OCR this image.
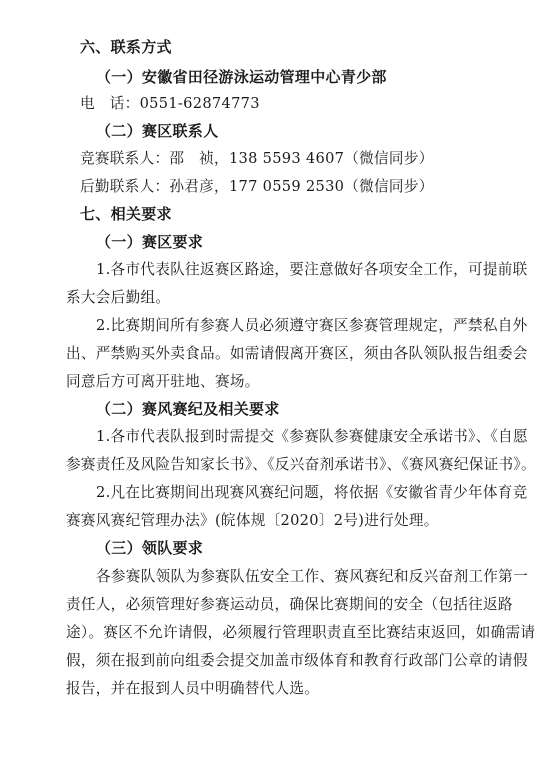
六、联系方式
（一）安徽省田径游泳运动管理中心青少部
电　话：0551-62874773
（二）赛区联系人
竞赛联系人：邵　祯，138 5593 4607（微信同步）
后勤联系人：孙君彦，177 0559 2530（微信同步）
七、相关要求
（一）赛区要求
1.各市代表队往返赛区路途，要注意做好各项安全工作，可提前联
系大会后勤组。
2.比赛期间所有参赛人员必须遵守赛区参赛管理规定，严禁私自外
出、严禁购买外卖食品。如需请假离开赛区，须由各队领队报告组委会
同意后方可离开驻地、赛场。
（二）赛风赛纪及相关要求
1.各市代表队报到时需提交《参赛队参赛健康安全承诺书》、《自愿
参赛责任及风险告知家长书》、《反兴奋剂承诺书》、《赛风赛纪保证书》。
2.凡在比赛期间出现赛风赛纪问题，将依据《安徽省青少年体育竞
赛赛风赛纪管理办法》(皖体规〔2020〕2号)进行处理。
（三）领队要求
各参赛队领队为参赛队伍安全工作、赛风赛纪和反兴奋剂工作第一
责任人，必须管理好参赛运动员，确保比赛期间的安全（包括往返路
途）。赛区不允许请假，必须履行管理职责直至比赛结束返回，如确需请
假，须在报到前向组委会提交加盖市级体育和教育行政部门公章的请假
报告，并在报到人员中明确替代人选。
